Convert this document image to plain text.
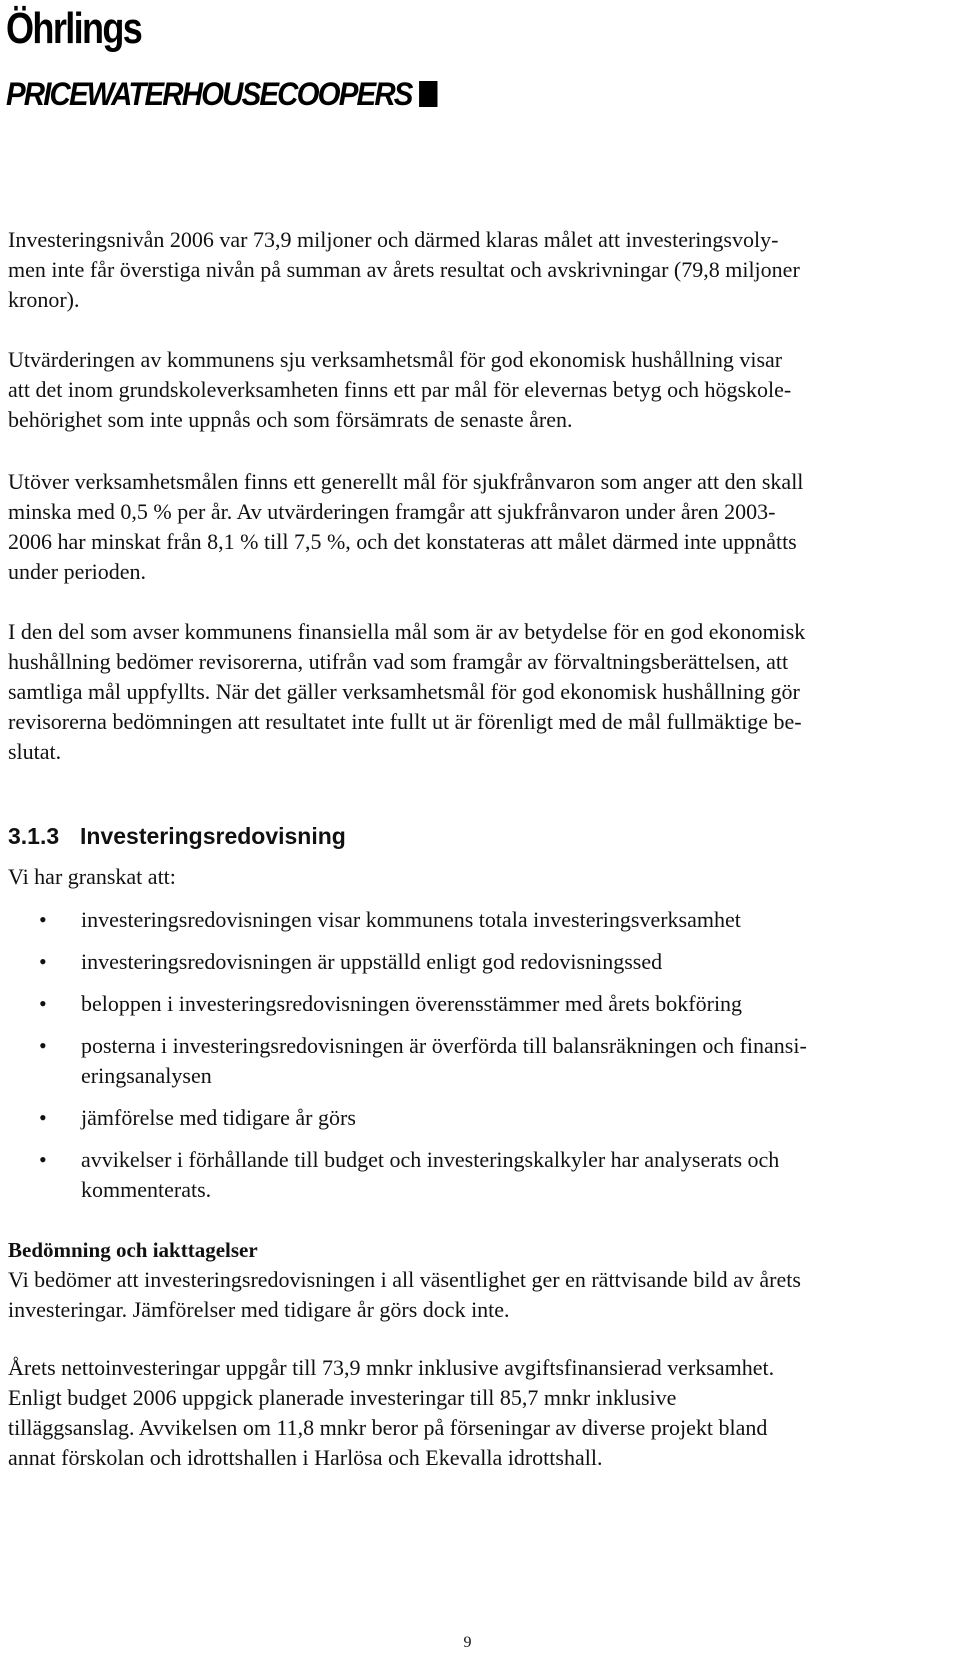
Öhrlings
PRICEWATERHOUSECOOPERS

Investeringsnivån 2006 var 73,9 miljoner och därmed klaras målet att investeringsvoly-
men inte får överstiga nivån på summan av årets resultat och avskrivningar (79,8 miljoner
kronor).

Utvärderingen av kommunens sju verksamhetsmål för god ekonomisk hushållning visar
att det inom grundskoleverksamheten finns ett par mål för elevernas betyg och högskole-
behörighet som inte uppnås och som försämrats de senaste åren.

Utöver verksamhetsmålen finns ett generellt mål för sjukfrånvaron som anger att den skall
minska med 0,5 % per år. Av utvärderingen framgår att sjukfrånvaron under åren 2003-
2006 har minskat från 8,1 % till 7,5 %, och det konstateras att målet därmed inte uppnåtts
under perioden.

I den del som avser kommunens finansiella mål som är av betydelse för en god ekonomisk
hushållning bedömer revisorerna, utifrån vad som framgår av förvaltningsberättelsen, att
samtliga mål uppfyllts. När det gäller verksamhetsmål för god ekonomisk hushållning gör
revisorerna bedömningen att resultatet inte fullt ut är förenligt med de mål fullmäktige be-
slutat.

3.1.3 Investeringsredovisning

Vi har granskat att:

• investeringsredovisningen visar kommunens totala investeringsverksamhet
• investeringsredovisningen är uppställd enligt god redovisningssed
• beloppen i investeringsredovisningen överensstämmer med årets bokföring
• posterna i investeringsredovisningen är överförda till balansräkningen och finansi-
eringsanalysen
• jämförelse med tidigare år görs
• avvikelser i förhållande till budget och investeringskalkyler har analyserats och
kommenterats.
Bedömning och iakttagelser

Vi bedömer att investeringsredovisningen i all väsentlighet ger en rättvisande bild av årets
investeringar. Jämförelser med tidigare år görs dock inte.

Årets nettoinvesteringar uppgår till 73,9 mnkr inklusive avgiftsfinansierad verksamhet.
Enligt budget 2006 uppgick planerade investeringar till 85,7 mnkr inklusive
tilläggsanslag. Avvikelsen om 11,8 mnkr beror på förseningar av diverse projekt bland
annat förskolan och idrottshallen i Harlösa och Ekevalla idrottshall.

9
